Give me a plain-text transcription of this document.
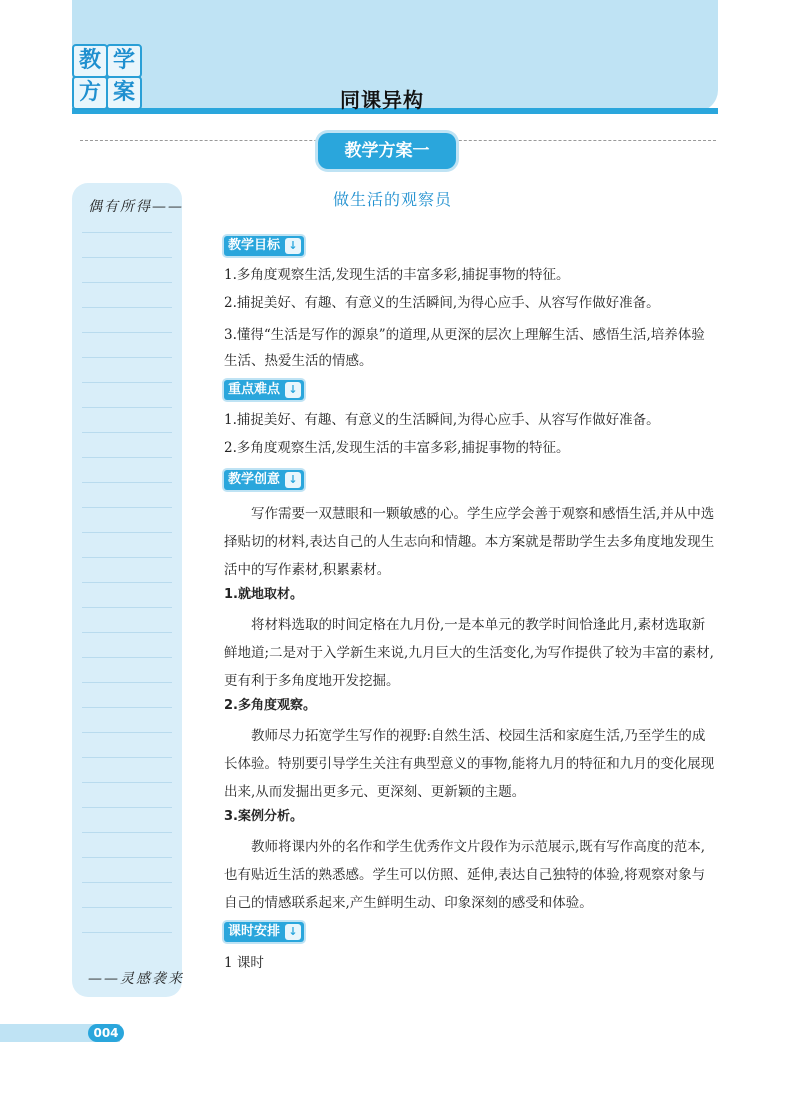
教 学
方 案	同课异构
教学方案一
偶有所得——
——灵感袭来
做生活的观察员
教学目标 ↓
1.多角度观察生活,发现生活的丰富多彩,捕捉事物的特征。
2.捕捉美好、有趣、有意义的生活瞬间,为得心应手、从容写作做好准备。
3.懂得“生活是写作的源泉”的道理,从更深的层次上理解生活、感悟生活,培养体验生活、热爱生活的情感。
重点难点 ↓
1.捕捉美好、有趣、有意义的生活瞬间,为得心应手、从容写作做好准备。
2.多角度观察生活,发现生活的丰富多彩,捕捉事物的特征。
教学创意 ↓
写作需要一双慧眼和一颗敏感的心。学生应学会善于观察和感悟生活,并从中选择贴切的材料,表达自己的人生志向和情趣。本方案就是帮助学生去多角度地发现生活中的写作素材,积累素材。
1.就地取材。
将材料选取的时间定格在九月份,一是本单元的教学时间恰逢此月,素材选取新鲜地道;二是对于入学新生来说,九月巨大的生活变化,为写作提供了较为丰富的素材,更有利于多角度地开发挖掘。
2.多角度观察。
教师尽力拓宽学生写作的视野:自然生活、校园生活和家庭生活,乃至学生的成长体验。特别要引导学生关注有典型意义的事物,能将九月的特征和九月的变化展现出来,从而发掘出更多元、更深刻、更新颖的主题。
3.案例分析。
教师将课内外的名作和学生优秀作文片段作为示范展示,既有写作高度的范本,也有贴近生活的熟悉感。学生可以仿照、延伸,表达自己独特的体验,将观察对象与自己的情感联系起来,产生鲜明生动、印象深刻的感受和体验。
课时安排 ↓
1 课时
004
